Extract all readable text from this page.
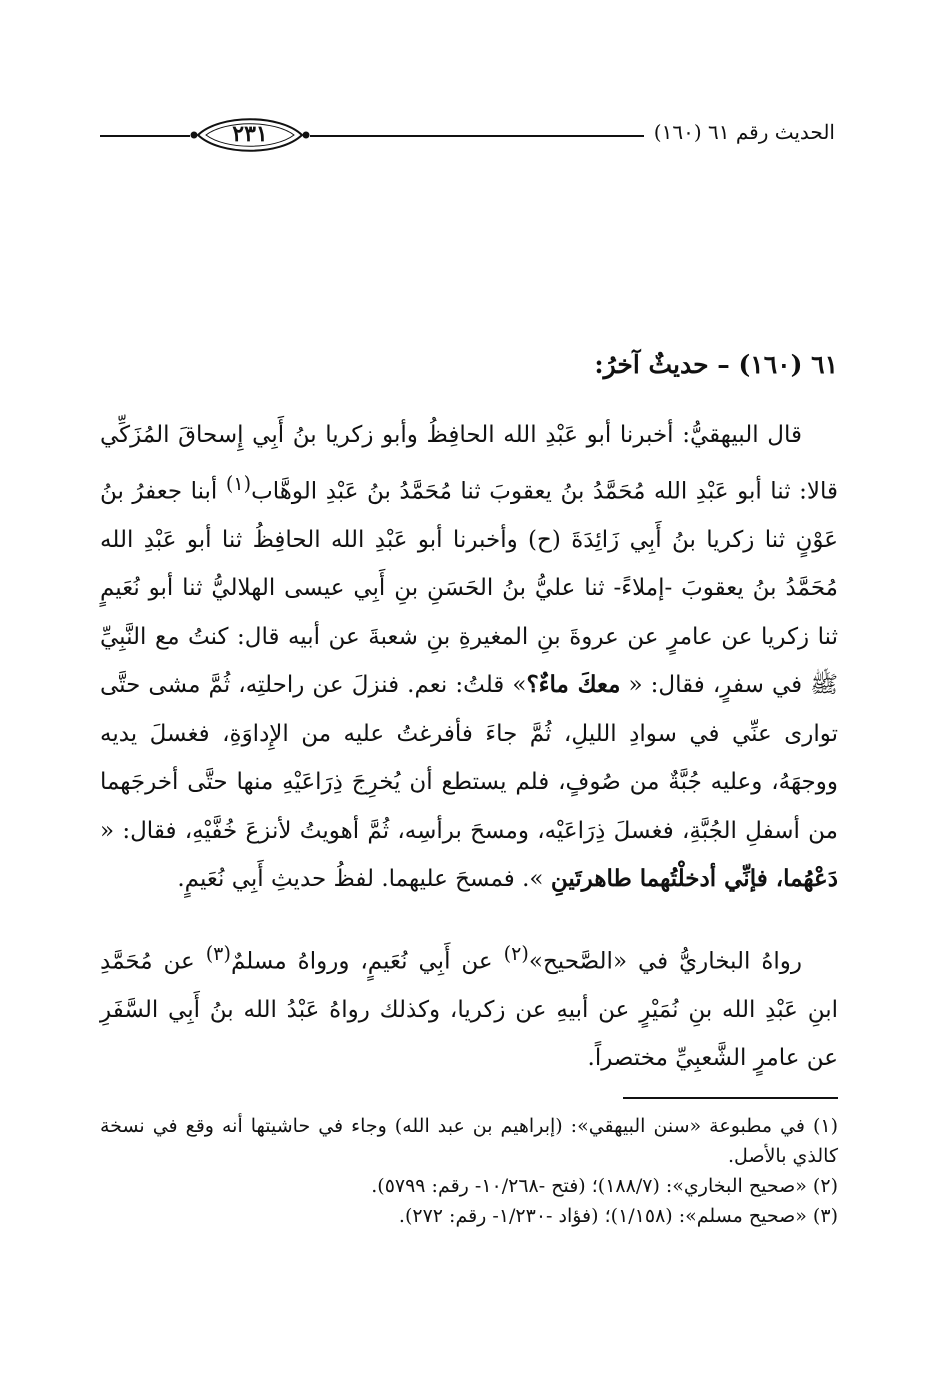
الحديث رقم ٦١ (١٦٠)
٢٣١
٦١ (١٦٠) – حديثٌ آخرُ:

قال البيهقيُّ: أخبرنا أبو عَبْدِ الله الحافِظُ وأبو زكريا بنُ أَبِي إِسحاقَ المُزَكِّي قالا: ثنا أبو عَبْدِ الله مُحَمَّدُ بنُ يعقوبَ ثنا مُحَمَّدُ بنُ عَبْدِ الوهَّاب$^{(١)}$ أبنا جعفرُ بنُ عَوْنٍ ثنا زكريا بنُ أَبِي زَائِدَةَ (ح) وأخبرنا أبو عَبْدِ الله الحافِظُ ثنا أبو عَبْدِ الله مُحَمَّدُ بنُ يعقوبَ -إملاءً- ثنا عليُّ بنُ الحَسَنِ بنِ أَبِي عيسى الهلاليُّ ثنا أبو نُعَيمٍ ثنا زكريا عن عامرٍ عن عروةَ بنِ المغيرةِ بنِ شعبةَ عن أبيه قال: كنتُ مع النَّبِيِّ ﷺ في سفرٍ، فقال: « معكَ ماءٌ؟» قلتُ: نعم. فنزلَ عن راحلتِه، ثُمَّ مشى حتَّى توارى عنِّي في سوادِ الليلِ، ثُمَّ جاءَ فأفرغتُ عليه من الإِداوَةِ، فغسلَ يديه ووجهَهُ، وعليه جُبَّةٌ من صُوفٍ، فلم يستطع أن يُخرِجَ ذِرَاعَيْهِ منها حتَّى أخرجَهما من أسفلِ الجُبَّةِ، فغسلَ ذِرَاعَيْه، ومسحَ برأسِه، ثُمَّ أهويتُ لأنزعَ خُفَّيْهِ، فقال: « دَعْهُما، فإنِّي أدخلْتُهما طاهرتَينِ ». فمسحَ عليهما. لفظُ حديثِ أَبِي نُعَيمٍ.

رواهُ البخاريُّ في «الصَّحيح»$^{(٢)}$ عن أَبِي نُعَيمٍ، ورواهُ مسلمٌ$^{(٣)}$ عن مُحَمَّدِ ابنِ عَبْدِ الله بنِ نُمَيْرٍ عن أبيهِ عن زكريا، وكذلك رواهُ عَبْدُ الله بنُ أَبِي السَّفَرِ عن عامرٍ الشَّعبِيِّ مختصراً.

(١) في مطبوعة «سنن البيهقي»: (إبراهيم بن عبد الله) وجاء في حاشيتها أنه وقع في نسخة كالذي بالأصل.

(٢) «صحيح البخاري»: (١٨٨/٧)؛ (فتح -١٠/٢٦٨- رقم: ٥٧٩٩).

(٣) «صحيح مسلم»: (١/١٥٨)؛ (فؤاد -١/٢٣٠- رقم: ٢٧٢).
